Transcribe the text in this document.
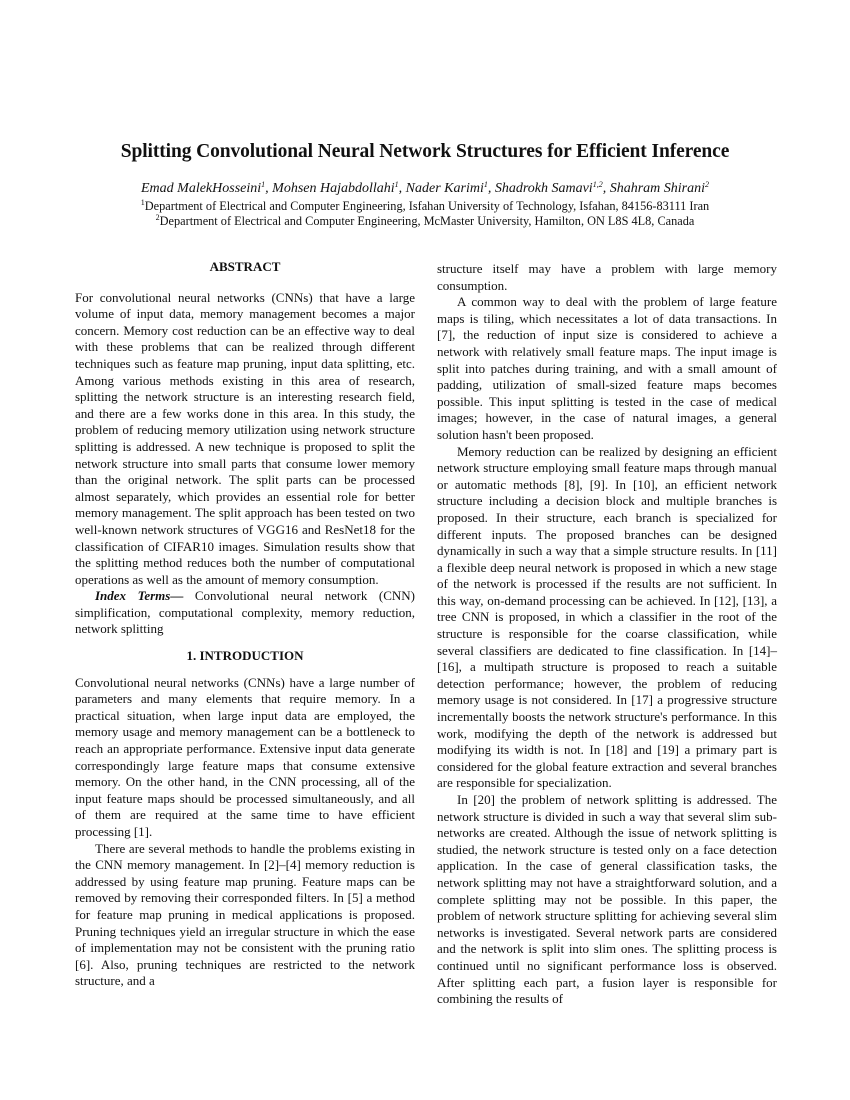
Splitting Convolutional Neural Network Structures for Efficient Inference
Emad MalekHosseini$^1$, Mohsen Hajabdollahi$^1$, Nader Karimi$^1$, Shadrokh Samavi$^{1,2}$, Shahram Shirani$^2$
$^1$Department of Electrical and Computer Engineering, Isfahan University of Technology, Isfahan, 84156-83111 Iran
$^2$Department of Electrical and Computer Engineering, McMaster University, Hamilton, ON L8S 4L8, Canada

ABSTRACT

For convolutional neural networks (CNNs) that have a large volume of input data, memory management becomes a major concern. Memory cost reduction can be an effective way to deal with these problems that can be realized through different techniques such as feature map pruning, input data splitting, etc. Among various methods existing in this area of research, splitting the network structure is an interesting research field, and there are a few works done in this area. In this study, the problem of reducing memory utilization using network structure splitting is addressed. A new technique is proposed to split the network structure into small parts that consume lower memory than the original network. The split parts can be processed almost separately, which provides an essential role for better memory management. The split approach has been tested on two well-known network structures of VGG16 and ResNet18 for the classification of CIFAR10 images. Simulation results show that the splitting method reduces both the number of computational operations as well as the amount of memory consumption.

Index Terms— Convolutional neural network (CNN) simplification, computational complexity, memory reduction, network splitting

1. INTRODUCTION

Convolutional neural networks (CNNs) have a large number of parameters and many elements that require memory. In a practical situation, when large input data are employed, the memory usage and memory management can be a bottleneck to reach an appropriate performance. Extensive input data generate correspondingly large feature maps that consume extensive memory. On the other hand, in the CNN processing, all of the input feature maps should be processed simultaneously, and all of them are required at the same time to have efficient processing [1].

There are several methods to handle the problems existing in the CNN memory management. In [2]–[4] memory reduction is addressed by using feature map pruning. Feature maps can be removed by removing their corresponded filters. In [5] a method for feature map pruning in medical applications is proposed. Pruning techniques yield an irregular structure in which the ease of implementation may not be consistent with the pruning ratio [6]. Also, pruning techniques are restricted to the network structure, and a

structure itself may have a problem with large memory consumption.

A common way to deal with the problem of large feature maps is tiling, which necessitates a lot of data transactions. In [7], the reduction of input size is considered to achieve a network with relatively small feature maps. The input image is split into patches during training, and with a small amount of padding, utilization of small-sized feature maps becomes possible. This input splitting is tested in the case of medical images; however, in the case of natural images, a general solution hasn't been proposed.

Memory reduction can be realized by designing an efficient network structure employing small feature maps through manual or automatic methods [8], [9]. In [10], an efficient network structure including a decision block and multiple branches is proposed. In their structure, each branch is specialized for different inputs. The proposed branches can be designed dynamically in such a way that a simple structure results. In [11] a flexible deep neural network is proposed in which a new stage of the network is processed if the results are not sufficient. In this way, on-demand processing can be achieved. In [12], [13], a tree CNN is proposed, in which a classifier in the root of the structure is responsible for the coarse classification, while several classifiers are dedicated to fine classification. In [14]–[16], a multipath structure is proposed to reach a suitable detection performance; however, the problem of reducing memory usage is not considered. In [17] a progressive structure incrementally boosts the network structure's performance. In this work, modifying the depth of the network is addressed but modifying its width is not. In [18] and [19] a primary part is considered for the global feature extraction and several branches are responsible for specialization.

In [20] the problem of network splitting is addressed. The network structure is divided in such a way that several slim sub-networks are created. Although the issue of network splitting is studied, the network structure is tested only on a face detection application. In the case of general classification tasks, the network splitting may not have a straightforward solution, and a complete splitting may not be possible. In this paper, the problem of network structure splitting for achieving several slim networks is investigated. Several network parts are considered and the network is split into slim ones. The splitting process is continued until no significant performance loss is observed. After splitting each part, a fusion layer is responsible for combining the results of
